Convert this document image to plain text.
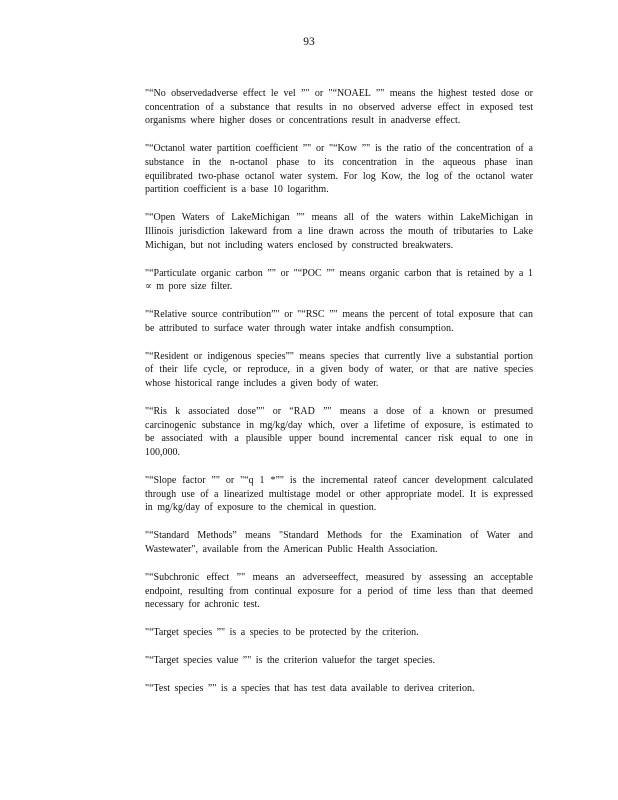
93

"“No observedadverse effect le vel ”" or "“NOAEL ”" means the highest tested dose or concentration of a substance that results in no observed adverse effect in exposed test organisms where higher doses or concentrations result in anadverse effect.

"“Octanol water partition coefficient ”" or "“Kow ”" is the ratio of the concentration of a substance in the n-octanol phase to its concentration in the aqueous phase inan equilibrated two-phase octanol water system. For log Kow, the log of the octanol water partition coefficient is a base 10 logarithm.

"“Open Waters of LakeMichigan ”" means all of the waters within LakeMichigan in Illinois jurisdiction lakeward from a line drawn across the mouth of tributaries to Lake Michigan, but not including waters enclosed by constructed breakwaters.

"“Particulate organic carbon ”" or "“POC ”" means organic carbon that is retained by a 1 ∝ m pore size filter.

"“Relative source contribution”" or "“RSC ”" means the percent of total exposure that can be attributed to surface water through water intake andfish consumption.

"“Resident or indigenous species”" means species that currently live a substantial portion of their life cycle, or reproduce, in a given body of water, or that are native species whose historical range includes a given body of water.

"“Ris k associated dose”" or “RAD ”" means a dose of a known or presumed carcinogenic substance in mg/kg/day which, over a lifetime of exposure, is estimated to be associated with a plausible upper bound incremental cancer risk equal to one in 100,000.

"“Slope factor ”" or "“q 1 *”" is the incremental rateof cancer development calculated through use of a linearized multistage model or other appropriate model. It is expressed in mg/kg/day of exposure to the chemical in question.

"“Standard Methods” means "Standard Methods for the Examination of Water and Wastewater", available from the American Public Health Association.

"“Subchronic effect ”" means an adverseeffect, measured by assessing an acceptable endpoint, resulting from continual exposure for a period of time less than that deemed necessary for achronic test.

"“Target species ”" is a species to be protected by the criterion.

"“Target species value ”" is the criterion valuefor the target species.

"“Test species ”" is a species that has test data available to derivea criterion.
